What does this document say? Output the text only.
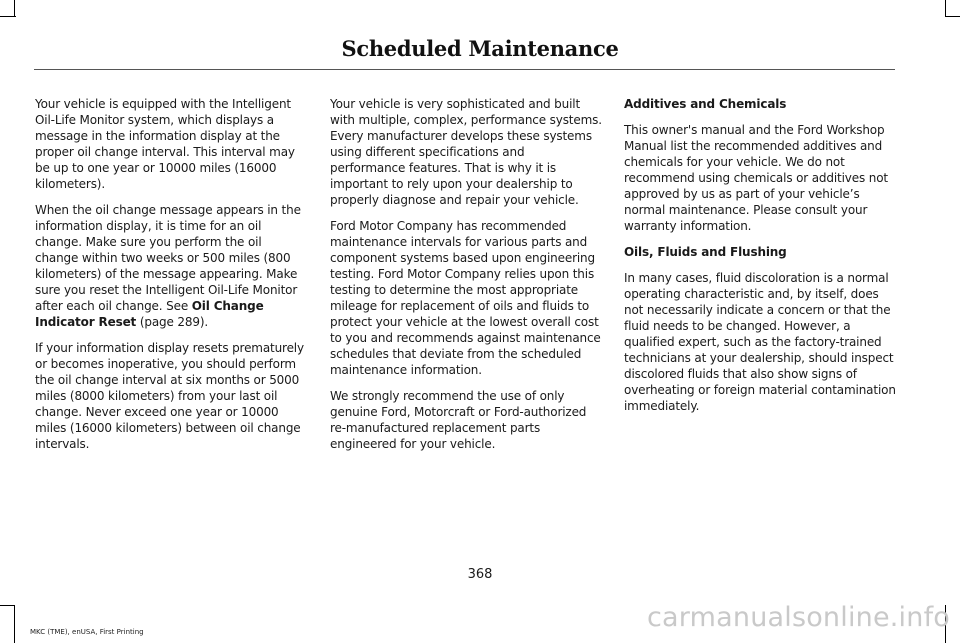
Scheduled Maintenance

Your vehicle is equipped with the Intelligent Oil-Life Monitor system, which displays a message in the information display at the proper oil change interval. This interval may be up to one year or 10000 miles (16000 kilometers).

When the oil change message appears in the information display, it is time for an oil change. Make sure you perform the oil change within two weeks or 500 miles (800 kilometers) of the message appearing. Make sure you reset the Intelligent Oil-Life Monitor after each oil change. See Oil Change Indicator Reset (page 289).

If your information display resets prematurely or becomes inoperative, you should perform the oil change interval at six months or 5000 miles (8000 kilometers) from your last oil change. Never exceed one year or 10000 miles (16000 kilometers) between oil change intervals.

Your vehicle is very sophisticated and built with multiple, complex, performance systems. Every manufacturer develops these systems using different specifications and performance features. That is why it is important to rely upon your dealership to properly diagnose and repair your vehicle.

Ford Motor Company has recommended maintenance intervals for various parts and component systems based upon engineering testing. Ford Motor Company relies upon this testing to determine the most appropriate mileage for replacement of oils and fluids to protect your vehicle at the lowest overall cost to you and recommends against maintenance schedules that deviate from the scheduled maintenance information.

We strongly recommend the use of only genuine Ford, Motorcraft or Ford-authorized re-manufactured replacement parts engineered for your vehicle.

Additives and Chemicals

This owner's manual and the Ford Workshop Manual list the recommended additives and chemicals for your vehicle. We do not recommend using chemicals or additives not approved by us as part of your vehicle’s normal maintenance. Please consult your warranty information.

Oils, Fluids and Flushing

In many cases, fluid discoloration is a normal operating characteristic and, by itself, does not necessarily indicate a concern or that the fluid needs to be changed. However, a qualified expert, such as the factory-trained technicians at your dealership, should inspect discolored fluids that also show signs of overheating or foreign material contamination immediately.

368
MKC (TME), enUSA, First Printing	carmanualsonline.info
